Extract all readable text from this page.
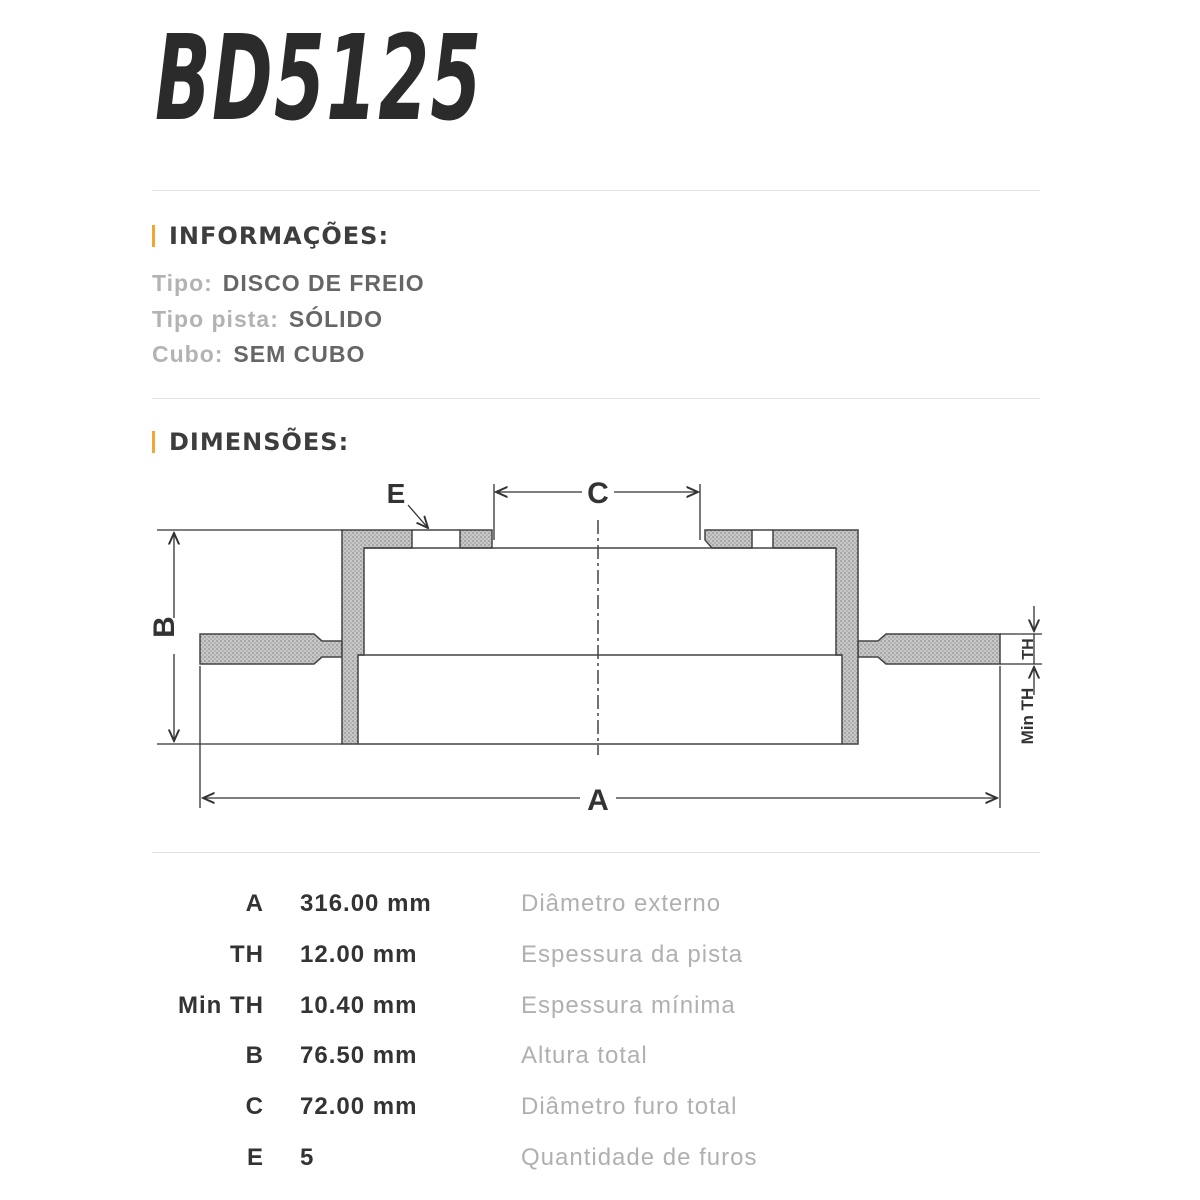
BD5125
INFORMAÇÕES:
Tipo: DISCO DE FREIO
Tipo pista: SÓLIDO
Cubo: SEM CUBO
DIMENSÕES:
C
E
B
A
TH
Min TH
A 316.00 mm	Diâmetro externo
TH 12.00 mm	Espessura da pista
Min TH 10.40 mm	Espessura mínima
B 76.50 mm	Altura total
C 72.00 mm	Diâmetro furo total
E 5	Quantidade de furos
